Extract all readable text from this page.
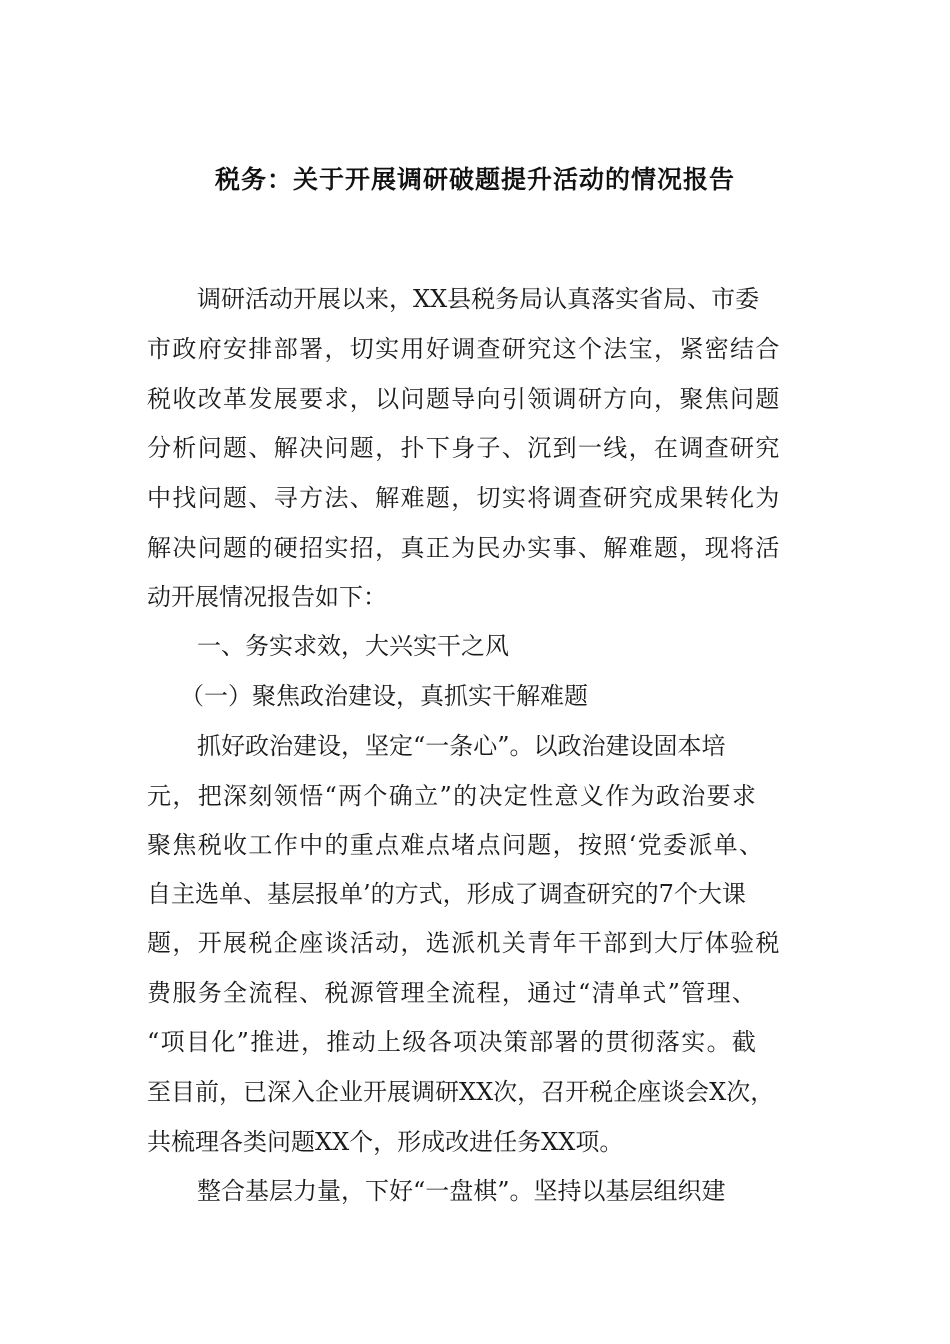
税务：关于开展调研破题提升活动的情况报告
调研活动开展以来，XX县税务局认真落实省局、市委
市政府安排部署，切实用好调查研究这个法宝，紧密结合
税收改革发展要求，以问题导向引领调研方向，聚焦问题
分析问题、解决问题，扑下身子、沉到一线，在调查研究
中找问题、寻方法、解难题，切实将调查研究成果转化为
解决问题的硬招实招，真正为民办实事、解难题，现将活
动开展情况报告如下：
一、务实求效，大兴实干之风
（一）聚焦政治建设，真抓实干解难题
抓好政治建设，坚定“一条心”。以政治建设固本培
元，把深刻领悟“两个确立”的决定性意义作为政治要求
聚焦税收工作中的重点难点堵点问题，按照‘党委派单、
自主选单、基层报单’的方式，形成了调查研究的7个大课
题，开展税企座谈活动，选派机关青年干部到大厅体验税
费服务全流程、税源管理全流程，通过“清单式”管理、
“项目化”推进，推动上级各项决策部署的贯彻落实。截
至目前，已深入企业开展调研XX次，召开税企座谈会X次，
共梳理各类问题XX个，形成改进任务XX项。
整合基层力量，下好“一盘棋”。坚持以基层组织建
